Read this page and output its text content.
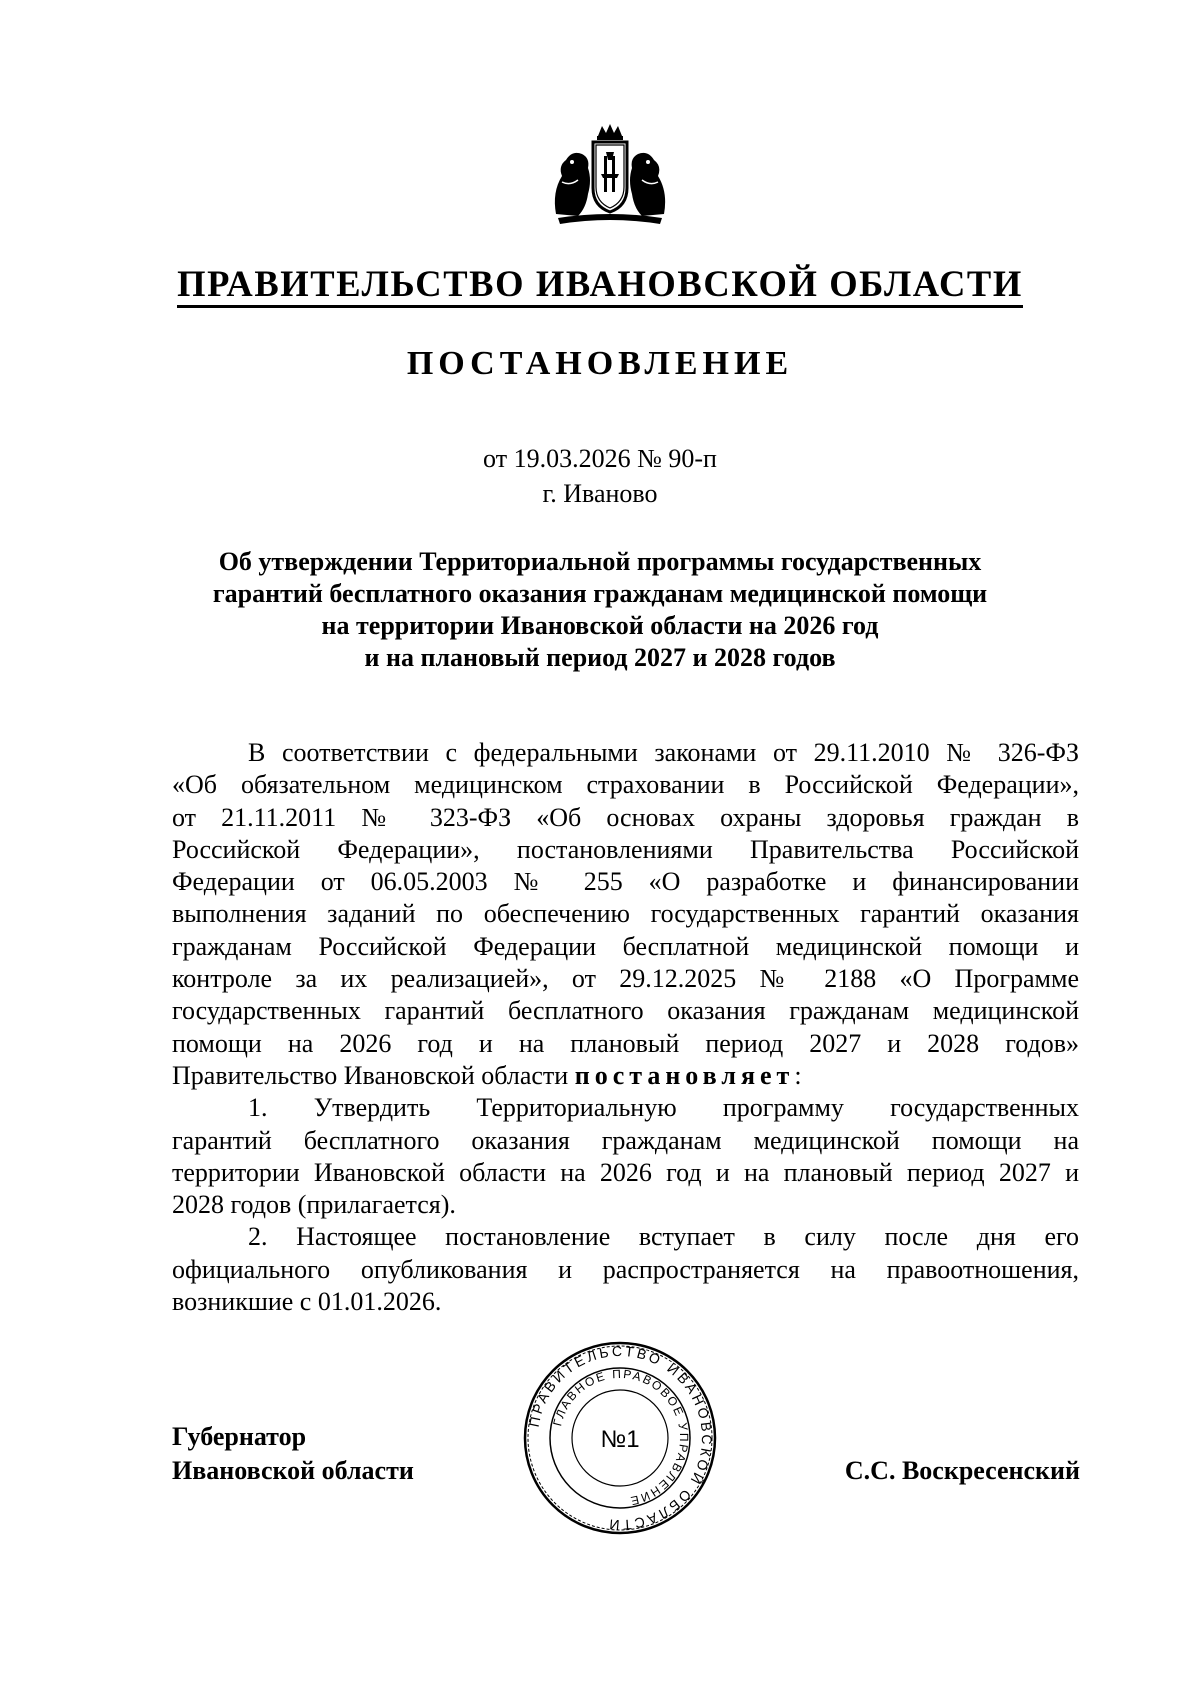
ПРАВИТЕЛЬСТВО ИВАНОВСКОЙ ОБЛАСТИ
ПОСТАНОВЛЕНИЕ
от 19.03.2026 № 90-п
г. Иваново
Об утверждении Территориальной программы государственных
гарантий бесплатного оказания гражданам медицинской помощи
на территории Ивановской области на 2026 год
и на плановый период 2027 и 2028 годов
В соответствии с федеральными законами от 29.11.2010 № 326-ФЗ
«Об обязательном медицинском страховании в Российской Федерации»,
от 21.11.2011 № 323-ФЗ «Об основах охраны здоровья граждан в
Российской Федерации», постановлениями Правительства Российской
Федерации от 06.05.2003 № 255 «О разработке и финансировании
выполнения заданий по обеспечению государственных гарантий оказания
гражданам Российской Федерации бесплатной медицинской помощи и
контроле за их реализацией», от 29.12.2025 № 2188 «О Программе
государственных гарантий бесплатного оказания гражданам медицинской
помощи на 2026 год и на плановый период 2027 и 2028 годов»
Правительство Ивановской области постановляет:
1. Утвердить Территориальную программу государственных
гарантий бесплатного оказания гражданам медицинской помощи на
территории Ивановской области на 2026 год и на плановый период 2027 и
2028 годов (прилагается).
2. Настоящее постановление вступает в силу после дня его
официального опубликования и распространяется на правоотношения,
возникшие с 01.01.2026.
Губернатор
Ивановской области	С.С. Воскресенский
ПРАВИТЕЛЬСТВО ИВАНОВСКОЙ ОБЛАСТИ
ГЛАВНОЕ ПРАВОВОЕ УПРАВЛЕНИЕ
№1
